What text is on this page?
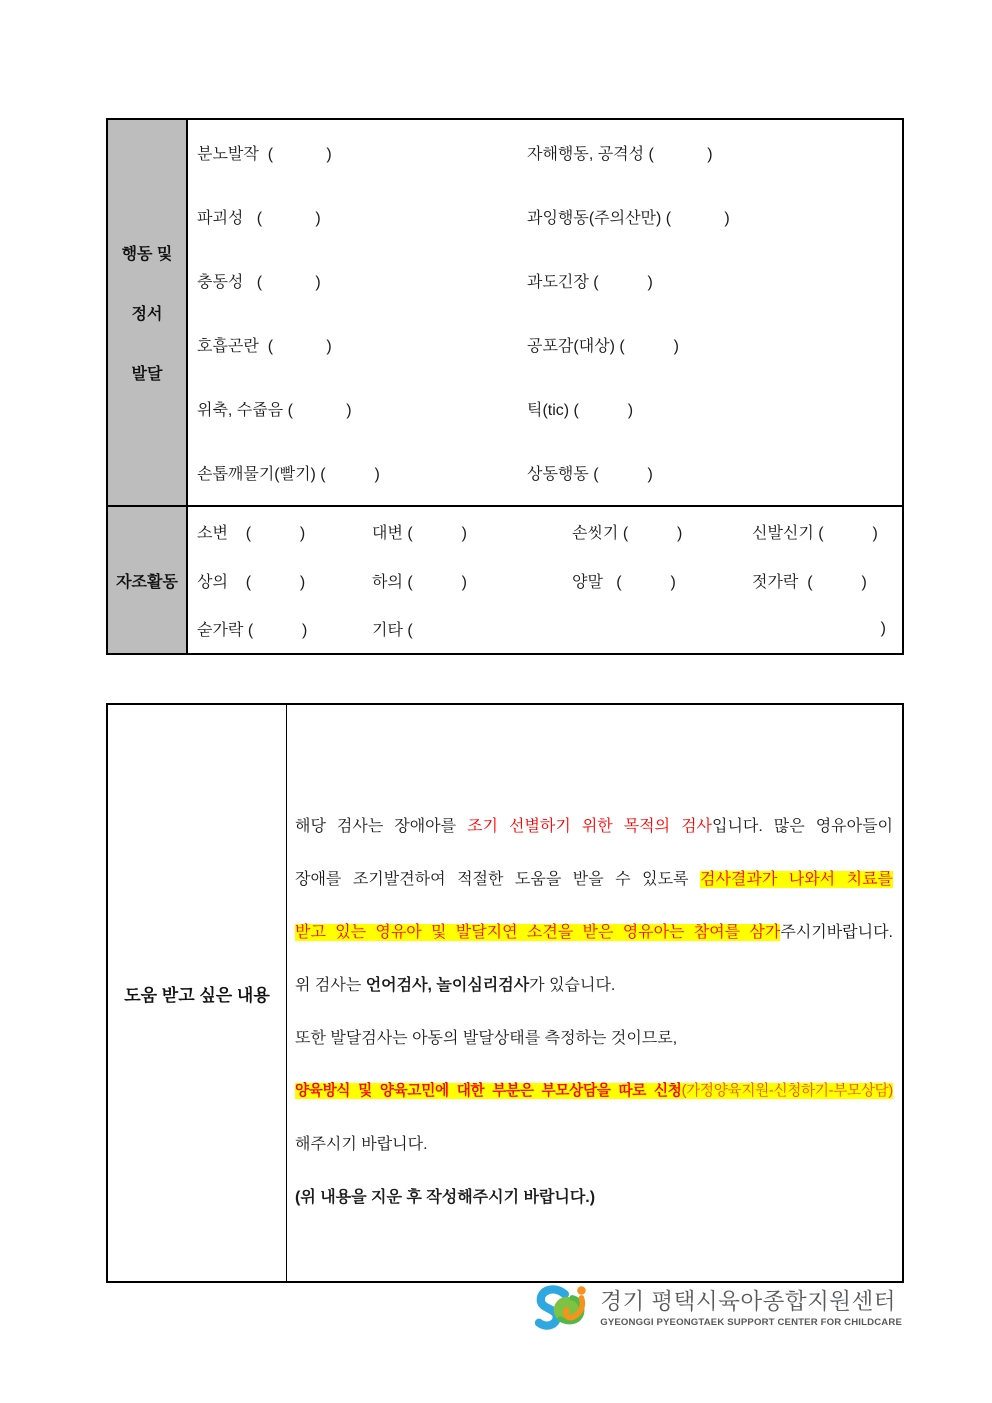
행동 및
정서
발달
분노발작  (            )	자해행동, 공격성 (            )
파괴성   (            )	과잉행동(주의산만) (            )
충동성   (            )	과도긴장 (           )
호흡곤란  (            )	공포감(대상) (           )
위축, 수줍음 (            )	틱(tic) (           )
손톱깨물기(빨기) (           )	상동행동 (           )
자조활동
소변    (           )	대변 (           )	손씻기 (           )	신발신기 (           )
상의    (           )	하의 (           )	양말   (           )	젓가락  (           )
숟가락 (           )	기타 (	)
도움 받고 싶은 내용
해당 검사는 장애아를 조기 선별하기 위한 목적의 검사입니다. 많은 영유아들이
장애를 조기발견하여 적절한 도움을 받을 수 있도록 검사결과가 나와서 치료를
받고 있는 영유아 및 발달지연 소견을 받은 영유아는 참여를 삼가주시기바랍니다.
위 검사는 언어검사, 놀이심리검사가 있습니다.
또한 발달검사는 아동의 발달상태를 측정하는 것이므로,
양육방식 및 양육고민에 대한 부분은 부모상담을 따로 신청(가정양육지원-신청하기-부모상담)
해주시기 바랍니다.
(위 내용을 지운 후 작성해주시기 바랍니다.)
경기 평택시육아종합지원센터
GYEONGGI PYEONGTAEK SUPPORT CENTER FOR CHILDCARE
